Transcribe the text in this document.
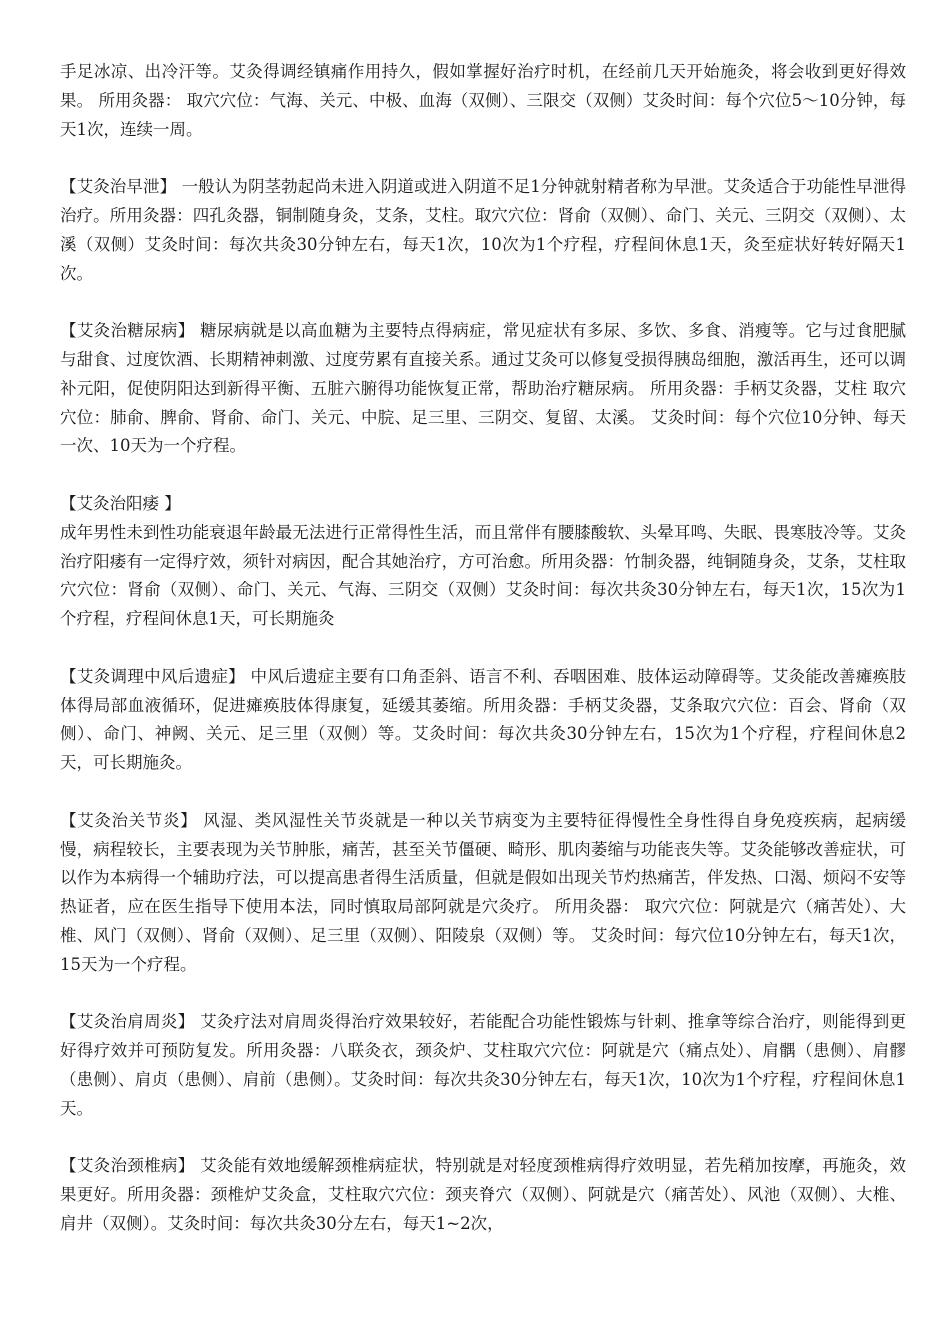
手足冰凉、出冷汗等。艾灸得调经镇痛作用持久，假如掌握好治疗时机，在经前几天开始施灸，将会收到更好得效果。 所用灸器： 取穴穴位：气海、关元、中极、血海（双侧）、三限交（双侧）艾灸时间：每个穴位5～10分钟，每天1次，连续一周。

【艾灸治早泄】 一般认为阴茎勃起尚未进入阴道或进入阴道不足1分钟就射精者称为早泄。艾灸适合于功能性早泄得治疗。所用灸器：四孔灸器，铜制随身灸，艾条，艾柱。取穴穴位：肾俞（双侧）、命门、关元、三阴交（双侧）、太溪（双侧）艾灸时间：每次共灸30分钟左右，每天1次，10次为1个疗程，疗程间休息1天，灸至症状好转好隔天1次。

【艾灸治糖尿病】 糖尿病就是以高血糖为主要特点得病症，常见症状有多尿、多饮、多食、消瘦等。它与过食肥腻与甜食、过度饮酒、长期精神刺激、过度劳累有直接关系。通过艾灸可以修复受损得胰岛细胞，激活再生，还可以调补元阳，促使阴阳达到新得平衡、五脏六腑得功能恢复正常，帮助治疗糖尿病。 所用灸器：手柄艾灸器，艾柱 取穴穴位：肺俞、脾俞、肾俞、命门、关元、中脘、足三里、三阴交、复留、太溪。 艾灸时间：每个穴位10分钟、每天一次、10天为一个疗程。

【艾灸治阳痿 】
成年男性未到性功能衰退年龄最无法进行正常得性生活，而且常伴有腰膝酸软、头晕耳鸣、失眠、畏寒肢冷等。艾灸治疗阳痿有一定得疗效，须针对病因，配合其她治疗，方可治愈。所用灸器：竹制灸器，纯铜随身灸，艾条，艾柱取穴穴位：肾俞（双侧）、命门、关元、气海、三阴交（双侧）艾灸时间：每次共灸30分钟左右，每天1次，15次为1个疗程，疗程间休息1天，可长期施灸

【艾灸调理中风后遗症】 中风后遗症主要有口角歪斜、语言不利、吞咽困难、肢体运动障碍等。艾灸能改善瘫痪肢体得局部血液循环，促进瘫痪肢体得康复，延缓其萎缩。所用灸器：手柄艾灸器，艾条取穴穴位：百会、肾俞（双侧）、命门、神阙、关元、足三里（双侧）等。艾灸时间：每次共灸30分钟左右，15次为1个疗程，疗程间休息2天，可长期施灸。

【艾灸治关节炎】 风湿、类风湿性关节炎就是一种以关节病变为主要特征得慢性全身性得自身免疫疾病，起病缓慢，病程较长，主要表现为关节肿胀，痛苦，甚至关节僵硬、畸形、肌肉萎缩与功能丧失等。艾灸能够改善症状，可以作为本病得一个辅助疗法，可以提高患者得生活质量，但就是假如出现关节灼热痛苦，伴发热、口渴、烦闷不安等热证者，应在医生指导下使用本法，同时慎取局部阿就是穴灸疗。 所用灸器： 取穴穴位：阿就是穴（痛苦处）、大椎、风门（双侧）、肾俞（双侧）、足三里（双侧）、阳陵泉（双侧）等。 艾灸时间：每穴位10分钟左右，每天1次，15天为一个疗程。

【艾灸治肩周炎】 艾灸疗法对肩周炎得治疗效果较好，若能配合功能性锻炼与针刺、推拿等综合治疗，则能得到更好得疗效并可预防复发。所用灸器：八联灸衣，颈灸炉、艾柱取穴穴位：阿就是穴（痛点处）、肩髃（患侧）、肩髎（患侧）、肩贞（患侧）、肩前（患侧）。艾灸时间：每次共灸30分钟左右，每天1次，10次为1个疗程，疗程间休息1天。

【艾灸治颈椎病】 艾灸能有效地缓解颈椎病症状，特别就是对轻度颈椎病得疗效明显，若先稍加按摩，再施灸，效果更好。所用灸器：颈椎炉艾灸盒，艾柱取穴穴位：颈夹脊穴（双侧）、阿就是穴（痛苦处）、风池（双侧）、大椎、肩井（双侧）。艾灸时间：每次共灸30分左右，每天1~2次，
